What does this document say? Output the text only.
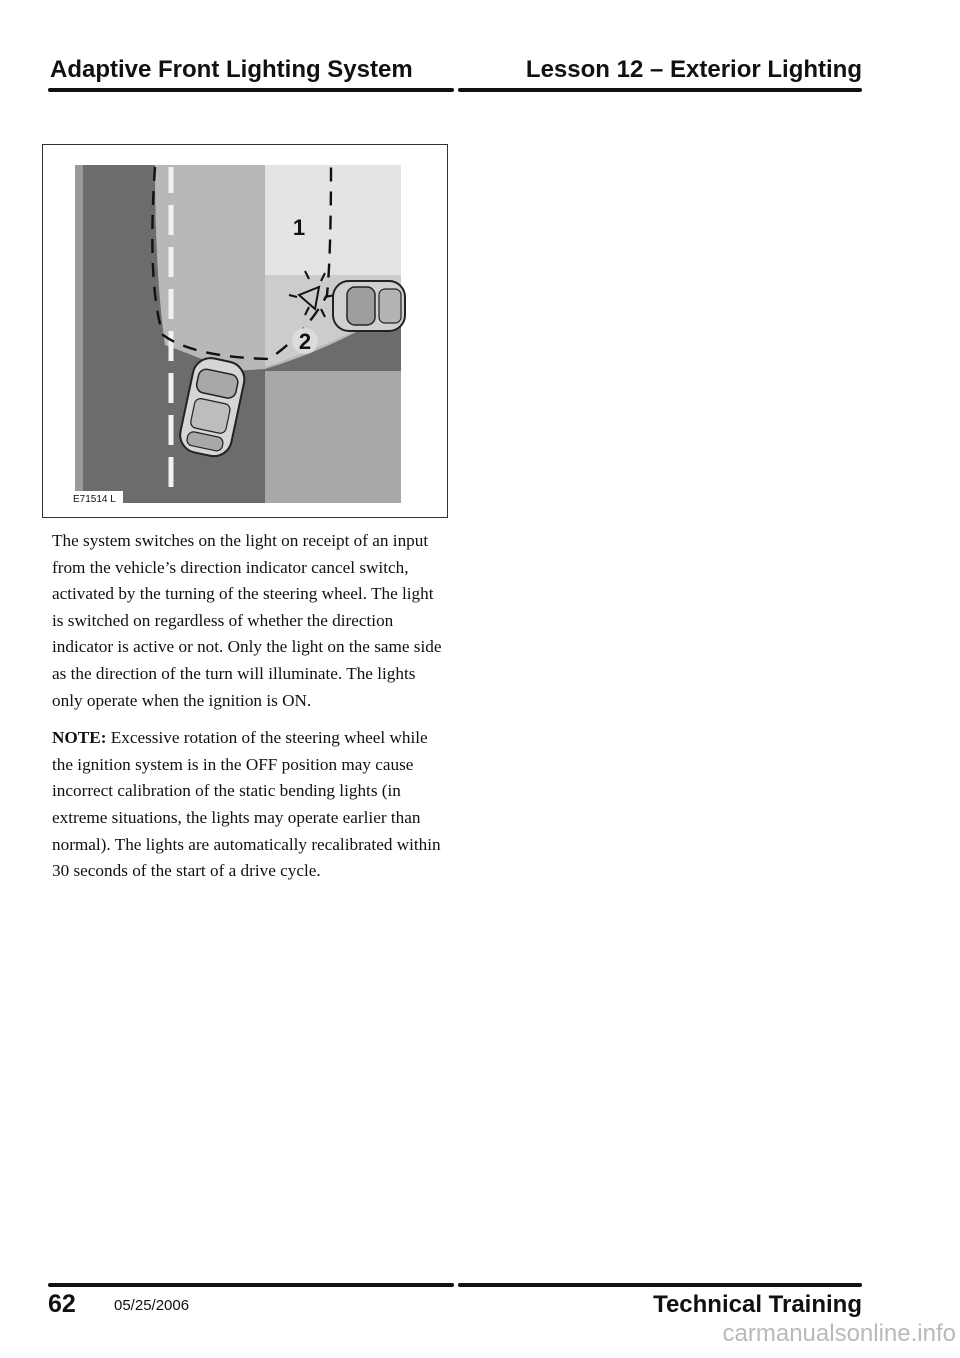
Adaptive Front Lighting System	Lesson 12 – Exterior Lighting
1
2
E71514 L

The system switches on the light on receipt of an input from the vehicle’s direction indicator cancel switch, activated by the turning of the steering wheel. The light is switched on regardless of whether the direction indicator is active or not. Only the light on the same side as the direction of the turn will illuminate. The lights only operate when the ignition is ON.

NOTE: Excessive rotation of the steering wheel while the ignition system is in the OFF position may cause incorrect calibration of the static bending lights (in extreme situations, the lights may operate earlier than normal). The lights are automatically recalibrated within 30 seconds of the start of a drive cycle.

62	05/25/2006	Technical Training
carmanualsonline.info
